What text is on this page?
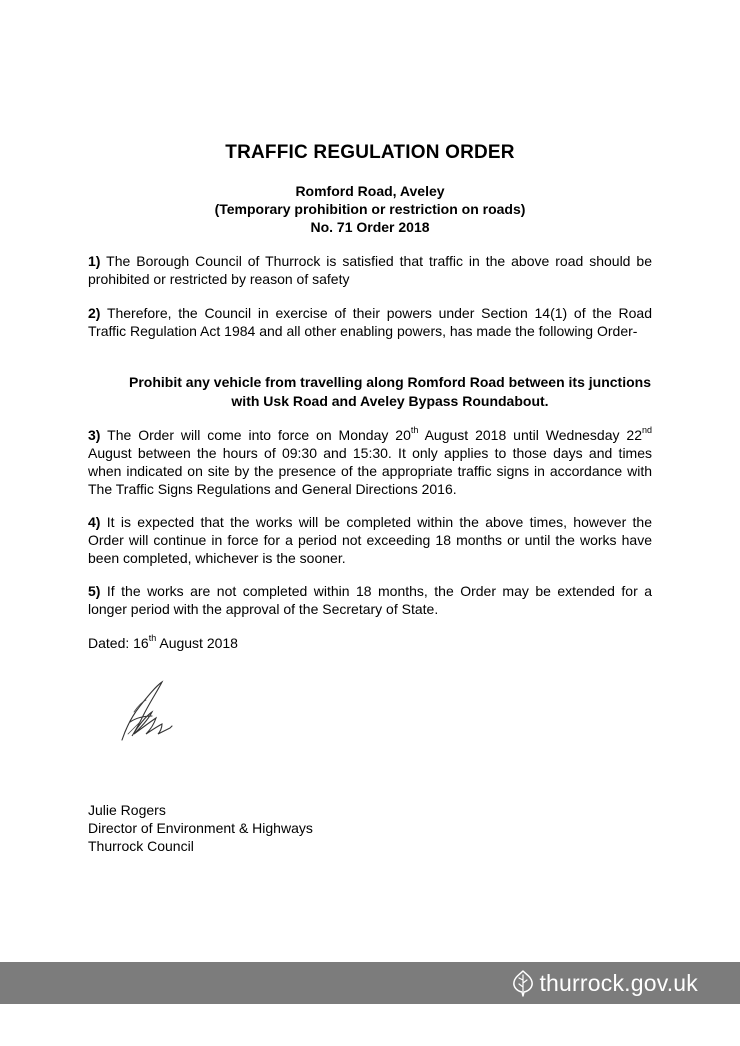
TRAFFIC REGULATION ORDER
Romford Road, Aveley
(Temporary prohibition or restriction on roads)
No. 71 Order 2018
1) The Borough Council of Thurrock is satisfied that traffic in the above road should be prohibited or restricted by reason of safety
2) Therefore, the Council in exercise of their powers under Section 14(1) of the Road Traffic Regulation Act 1984 and all other enabling powers, has made the following Order-
Prohibit any vehicle from travelling along Romford Road between its junctions with Usk Road and Aveley Bypass Roundabout.
3) The Order will come into force on Monday 20th August 2018 until Wednesday 22nd August between the hours of 09:30 and 15:30. It only applies to those days and times when indicated on site by the presence of the appropriate traffic signs in accordance with The Traffic Signs Regulations and General Directions 2016.
4) It is expected that the works will be completed within the above times, however the Order will continue in force for a period not exceeding 18 months or until the works have been completed, whichever is the sooner.
5) If the works are not completed within 18 months, the Order may be extended for a longer period with the approval of the Secretary of State.
Dated: 16th August 2018
Julie Rogers
Director of Environment & Highways
Thurrock Council
thurrock.gov.uk
